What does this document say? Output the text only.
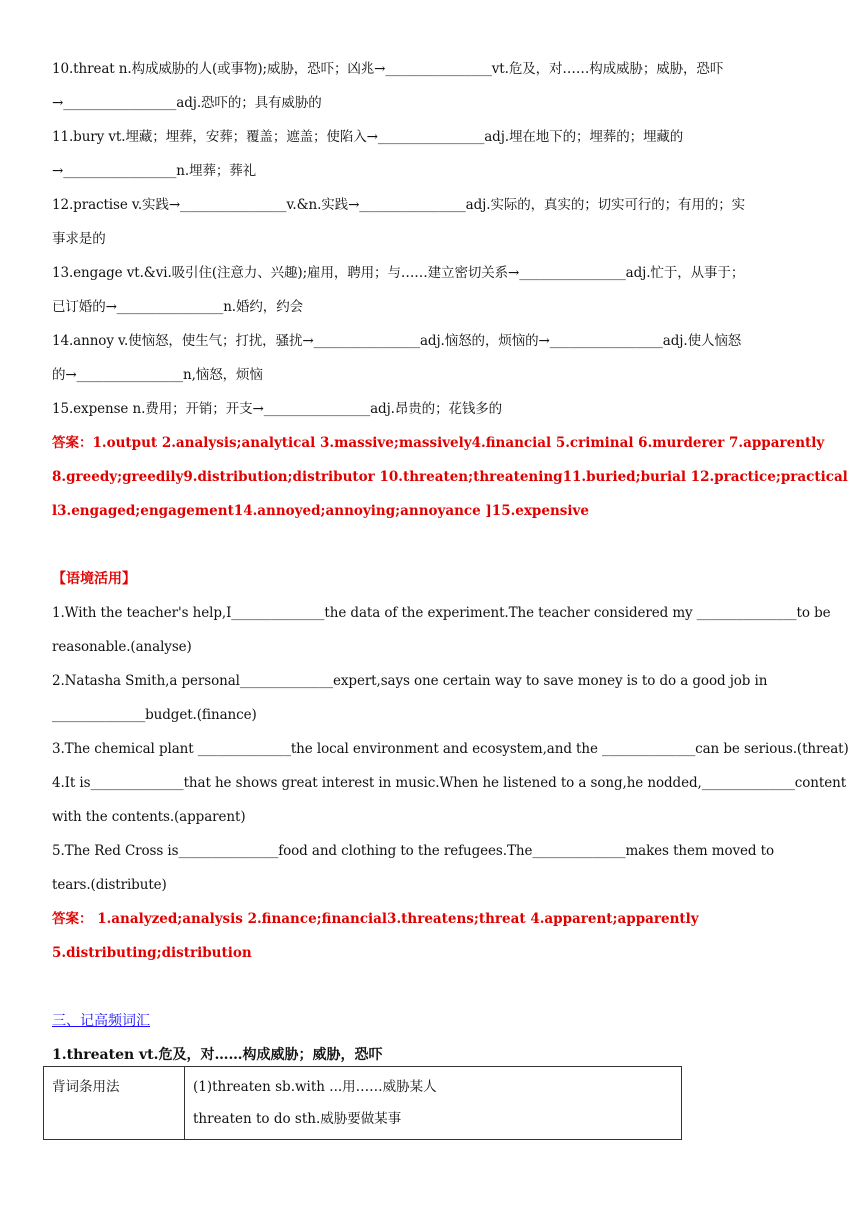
10.threat n.构成威胁的人(或事物);威胁，恐吓；凶兆→________________vt.危及，对……构成威胁；威胁，恐吓
→_________________adj.恐吓的；具有威胁的
11.bury vt.埋藏；埋葬，安葬；覆盖；遮盖；使陷入→________________adj.埋在地下的；埋葬的；埋藏的
→_________________n.埋葬；葬礼
12.practise v.实践→________________v.&n.实践→________________adj.实际的，真实的；切实可行的；有用的；实
事求是的
13.engage vt.&vi.吸引住(注意力、兴趣);雇用，聘用；与……建立密切关系→________________adj.忙于，从事于；
已订婚的→________________n.婚约，约会
14.annoy v.使恼怒，使生气；打扰，骚扰→________________adj.恼怒的，烦恼的→_________________adj.使人恼怒
的→________________n,恼怒，烦恼
15.expense n.费用；开销；开支→________________adj.昂贵的；花钱多的
答案：1.output 2.analysis;analytical 3.massive;massively4.financial 5.criminal 6.murderer 7.apparently
8.greedy;greedily9.distribution;distributor 10.threaten;threatening11.buried;burial 12.practice;practical
l3.engaged;engagement14.annoyed;annoying;annoyance ]15.expensive
【语境活用】
1.With the teacher's help,I______________the data of the experiment.The teacher considered my _______________to be
reasonable.(analyse)
2.Natasha Smith,a personal______________expert,says one certain way to save money is to do a good job in
______________budget.(finance)
3.The chemical plant ______________the local environment and ecosystem,and the ______________can be serious.(threat)
4.It is______________that he shows great interest in music.When he listened to a song,he nodded,______________content
with the contents.(apparent)
5.The Red Cross is_______________food and clothing to the refugees.The______________makes them moved to
tears.(distribute)
答案： 1.analyzed;analysis 2.finance;financial3.threatens;threat 4.apparent;apparently
5.distributing;distribution
三、记高频词汇
1.threaten vt.危及，对……构成威胁；威胁，恐吓
背词条用法	(1)threaten sb.with ...用……威胁某人
threaten to do sth.威胁要做某事
